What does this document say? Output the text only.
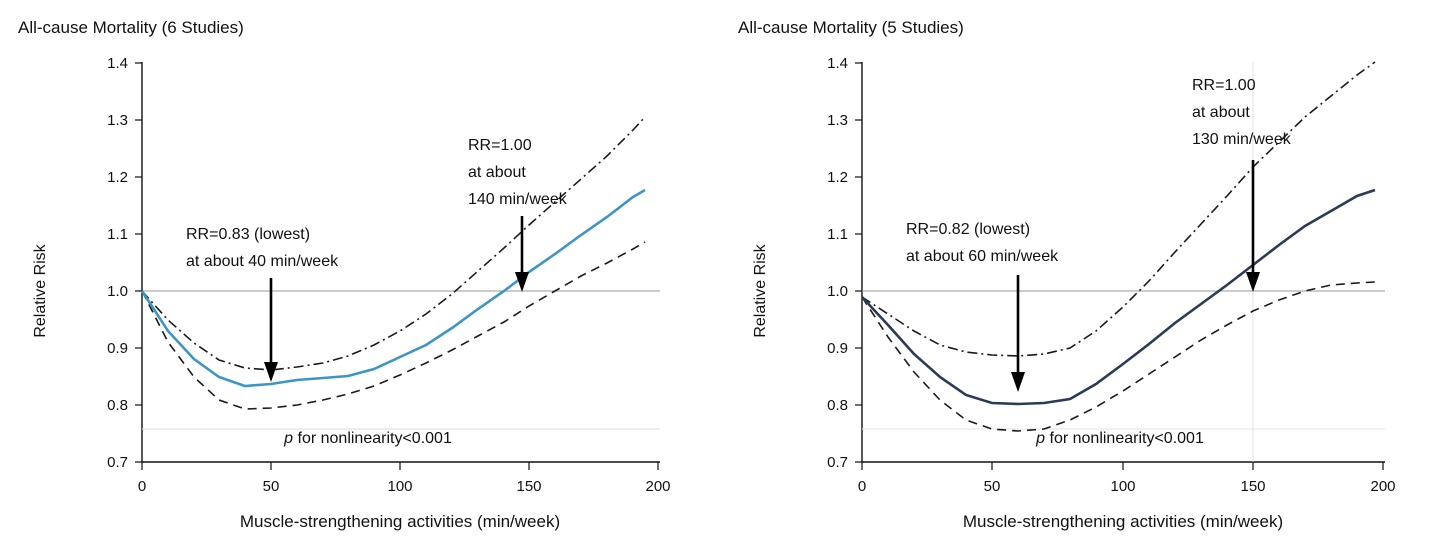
All-cause Mortality (6 Studies)
0.7
0.8
0.9
1.0
1.1
1.2
1.3
1.4
0	50	100	150	200
RR=0.83 (lowest)
at about 40 min/week
RR=1.00
at about
140 min/week
p for nonlinearity<0.001
Relative Risk
Muscle-strengthening activities (min/week)
All-cause Mortality (5 Studies)
0.7
0.8
0.9
1.0
1.1
1.2
1.3
1.4
0	50	100	150	200
RR=0.82 (lowest)
at about 60 min/week
RR=1.00
at about
130 min/week
p for nonlinearity<0.001
Relative Risk
Muscle-strengthening activities (min/week)
